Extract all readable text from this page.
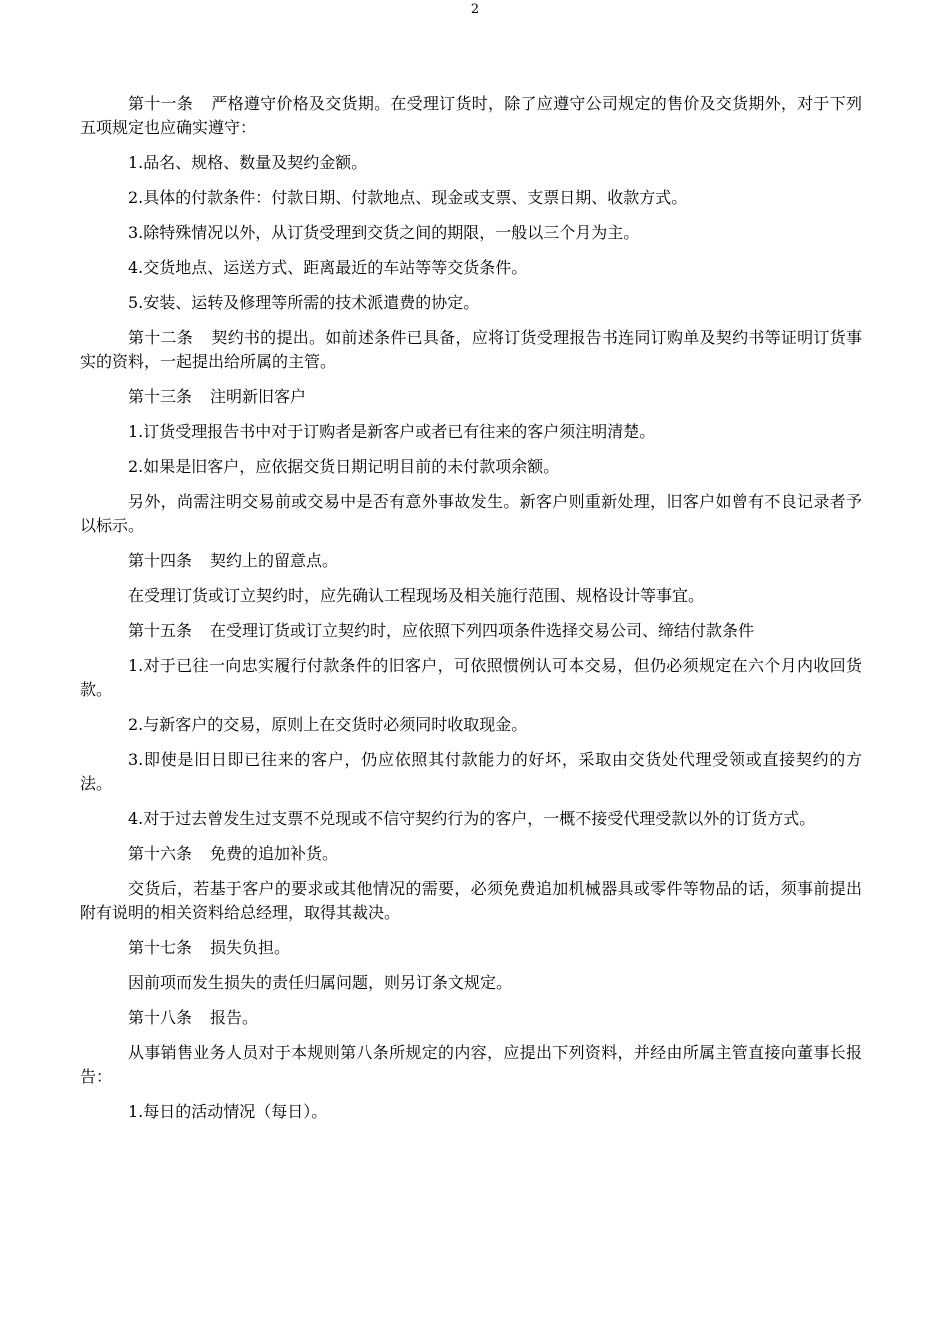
2

第十一条 严格遵守价格及交货期。在受理订货时，除了应遵守公司规定的售价及交货期外，对于下列五项规定也应确实遵守：

1.品名、规格、数量及契约金额。

2.具体的付款条件：付款日期、付款地点、现金或支票、支票日期、收款方式。

3.除特殊情况以外，从订货受理到交货之间的期限，一般以三个月为主。

4.交货地点、运送方式、距离最近的车站等等交货条件。

5.安装、运转及修理等所需的技术派遣费的协定。

第十二条 契约书的提出。如前述条件已具备，应将订货受理报告书连同订购单及契约书等证明订货事实的资料，一起提出给所属的主管。

第十三条 注明新旧客户

1.订货受理报告书中对于订购者是新客户或者已有往来的客户须注明清楚。

2.如果是旧客户，应依据交货日期记明目前的未付款项余额。

另外，尚需注明交易前或交易中是否有意外事故发生。新客户则重新处理，旧客户如曾有不良记录者予以标示。

第十四条 契约上的留意点。

在受理订货或订立契约时，应先确认工程现场及相关施行范围、规格设计等事宜。

第十五条 在受理订货或订立契约时，应依照下列四项条件选择交易公司、缔结付款条件

1.对于已往一向忠实履行付款条件的旧客户，可依照惯例认可本交易，但仍必须规定在六个月内收回货款。

2.与新客户的交易，原则上在交货时必须同时收取现金。

3.即使是旧日即已往来的客户，仍应依照其付款能力的好坏，采取由交货处代理受领或直接契约的方法。

4.对于过去曾发生过支票不兑现或不信守契约行为的客户，一概不接受代理受款以外的订货方式。

第十六条 免费的追加补货。

交货后，若基于客户的要求或其他情况的需要，必须免费追加机械器具或零件等物品的话，须事前提出附有说明的相关资料给总经理，取得其裁决。

第十七条 损失负担。

因前项而发生损失的责任归属问题，则另订条文规定。

第十八条 报告。

从事销售业务人员对于本规则第八条所规定的内容，应提出下列资料，并经由所属主管直接向董事长报告：

1.每日的活动情况（每日）。
